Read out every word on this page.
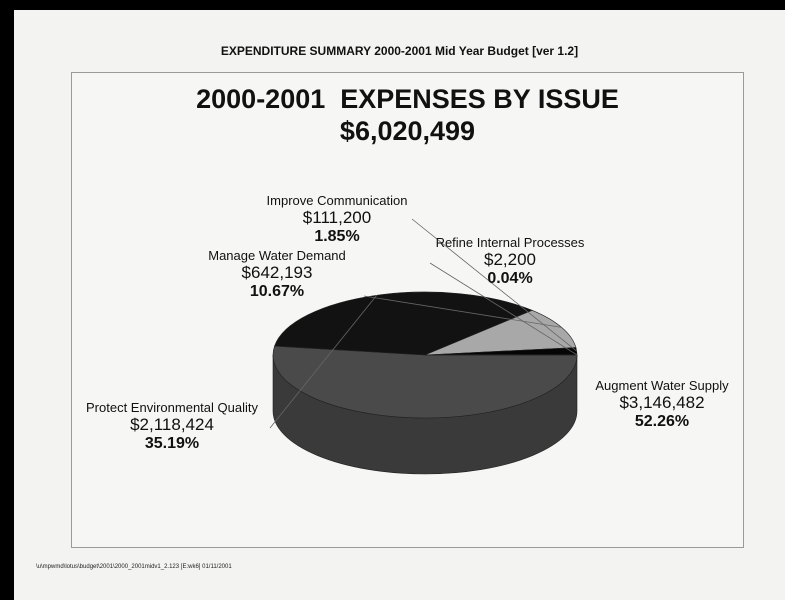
EXPENDITURE SUMMARY 2000-2001 Mid Year Budget [ver 1.2]
2000-2001  EXPENSES BY ISSUE
$6,020,499
Augment Water Supply
$3,146,482
52.26%
Protect Environmental Quality
$2,118,424
35.19%
Manage Water Demand
$642,193
10.67%
Improve Communication
$111,200
1.85%	Refine Internal Processes
$2,200
0.04%
\u\mpwmd\lotus\budget\2001\2000_2001midv1_2.123 [E:wk6] 01/11/2001
